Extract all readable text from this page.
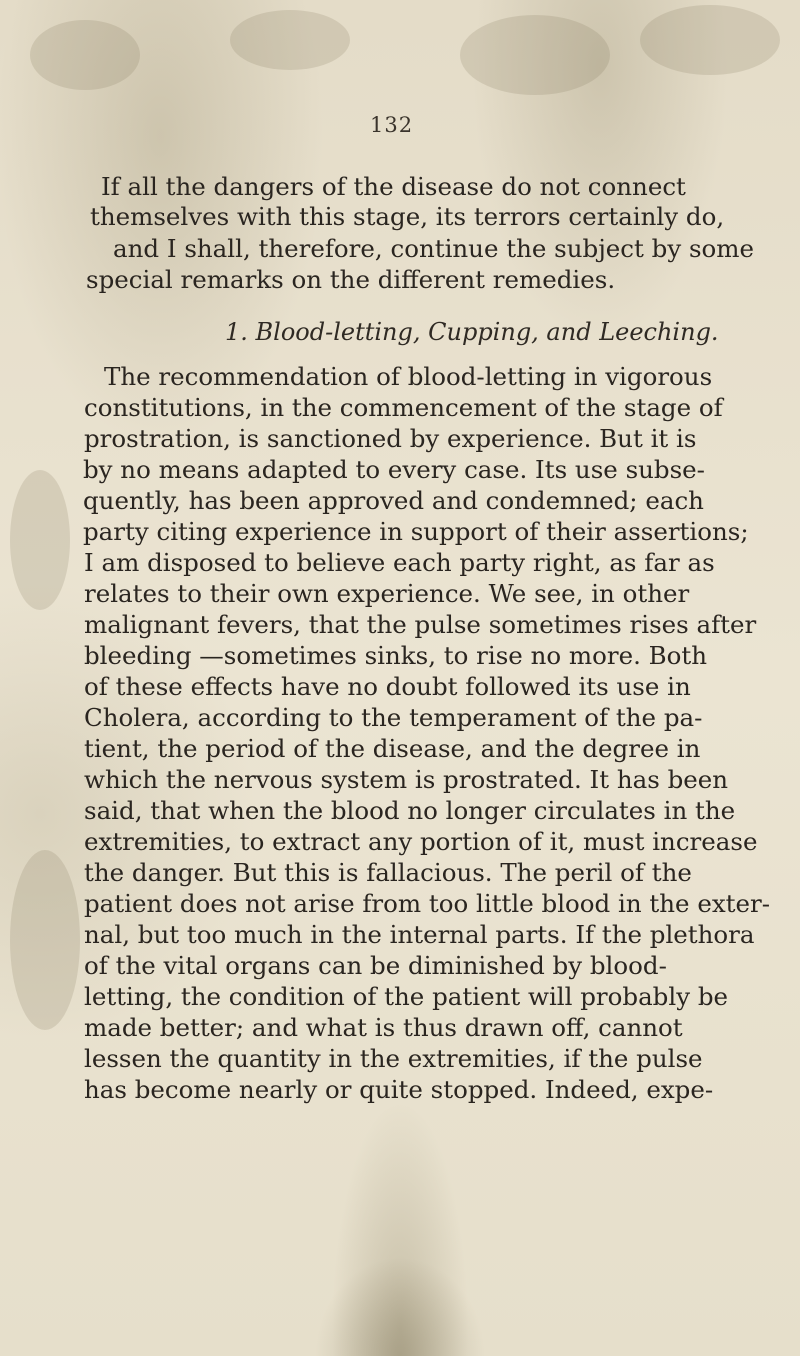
132
If all the dangers of the disease do not connect
themselves with this stage, its terrors certainly do,
and I shall, therefore, continue the subject by some
special remarks on the different remedies.
1. Blood-letting, Cupping, and Leeching.
The recommendation of blood-letting in vigorous
constitutions, in the commencement of the stage of
prostration, is sanctioned by experience. But it is
by no means adapted to every case. Its use subse-
quently, has been approved and condemned; each
party citing experience in support of their assertions;
I am disposed to believe each party right, as far as
relates to their own experience. We see, in other
malignant fevers, that the pulse sometimes rises after
bleeding —sometimes sinks, to rise no more. Both
of these effects have no doubt followed its use in
Cholera, according to the temperament of the pa-
tient, the period of the disease, and the degree in
which the nervous system is prostrated. It has been
said, that when the blood no longer circulates in the
extremities, to extract any portion of it, must increase
the danger. But this is fallacious. The peril of the
patient does not arise from too little blood in the exter-
nal, but too much in the internal parts. If the plethora
of the vital organs can be diminished by blood-
letting, the condition of the patient will probably be
made better; and what is thus drawn off, cannot
lessen the quantity in the extremities, if the pulse
has become nearly or quite stopped. Indeed, expe-
